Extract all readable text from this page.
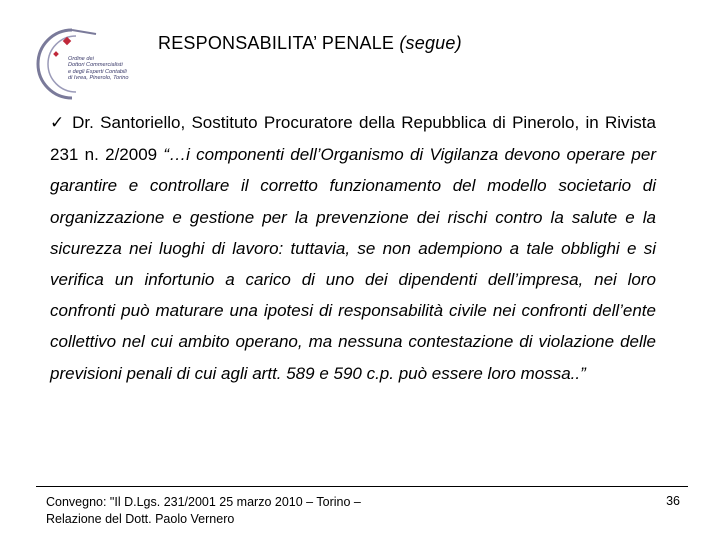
Ordine dei
Dottori Commercialisti
e degli Esperti Contabili
di Ivrea, Pinerolo, Torino
RESPONSABILITA’ PENALE (segue)
✓ Dr. Santoriello, Sostituto Procuratore della Repubblica di Pinerolo, in Rivista 231 n. 2/2009 “…i componenti dell’Organismo di Vigilanza devono operare per garantire e controllare il corretto funzionamento del modello societario di organizzazione e gestione per la prevenzione dei rischi contro la salute e la sicurezza nei luoghi di lavoro: tuttavia, se non adempiono a tale obblighi e si verifica un infortunio a carico di uno dei dipendenti dell’impresa, nei loro confronti può maturare una ipotesi di responsabilità civile nei confronti dell’ente collettivo nel cui ambito operano, ma nessuna contestazione di violazione delle previsioni penali di cui agli artt. 589 e 590 c.p. può essere loro mossa..”
Convegno: "Il D.Lgs. 231/2001 25 marzo 2010 – Torino –
Relazione del Dott. Paolo Vernero
36
